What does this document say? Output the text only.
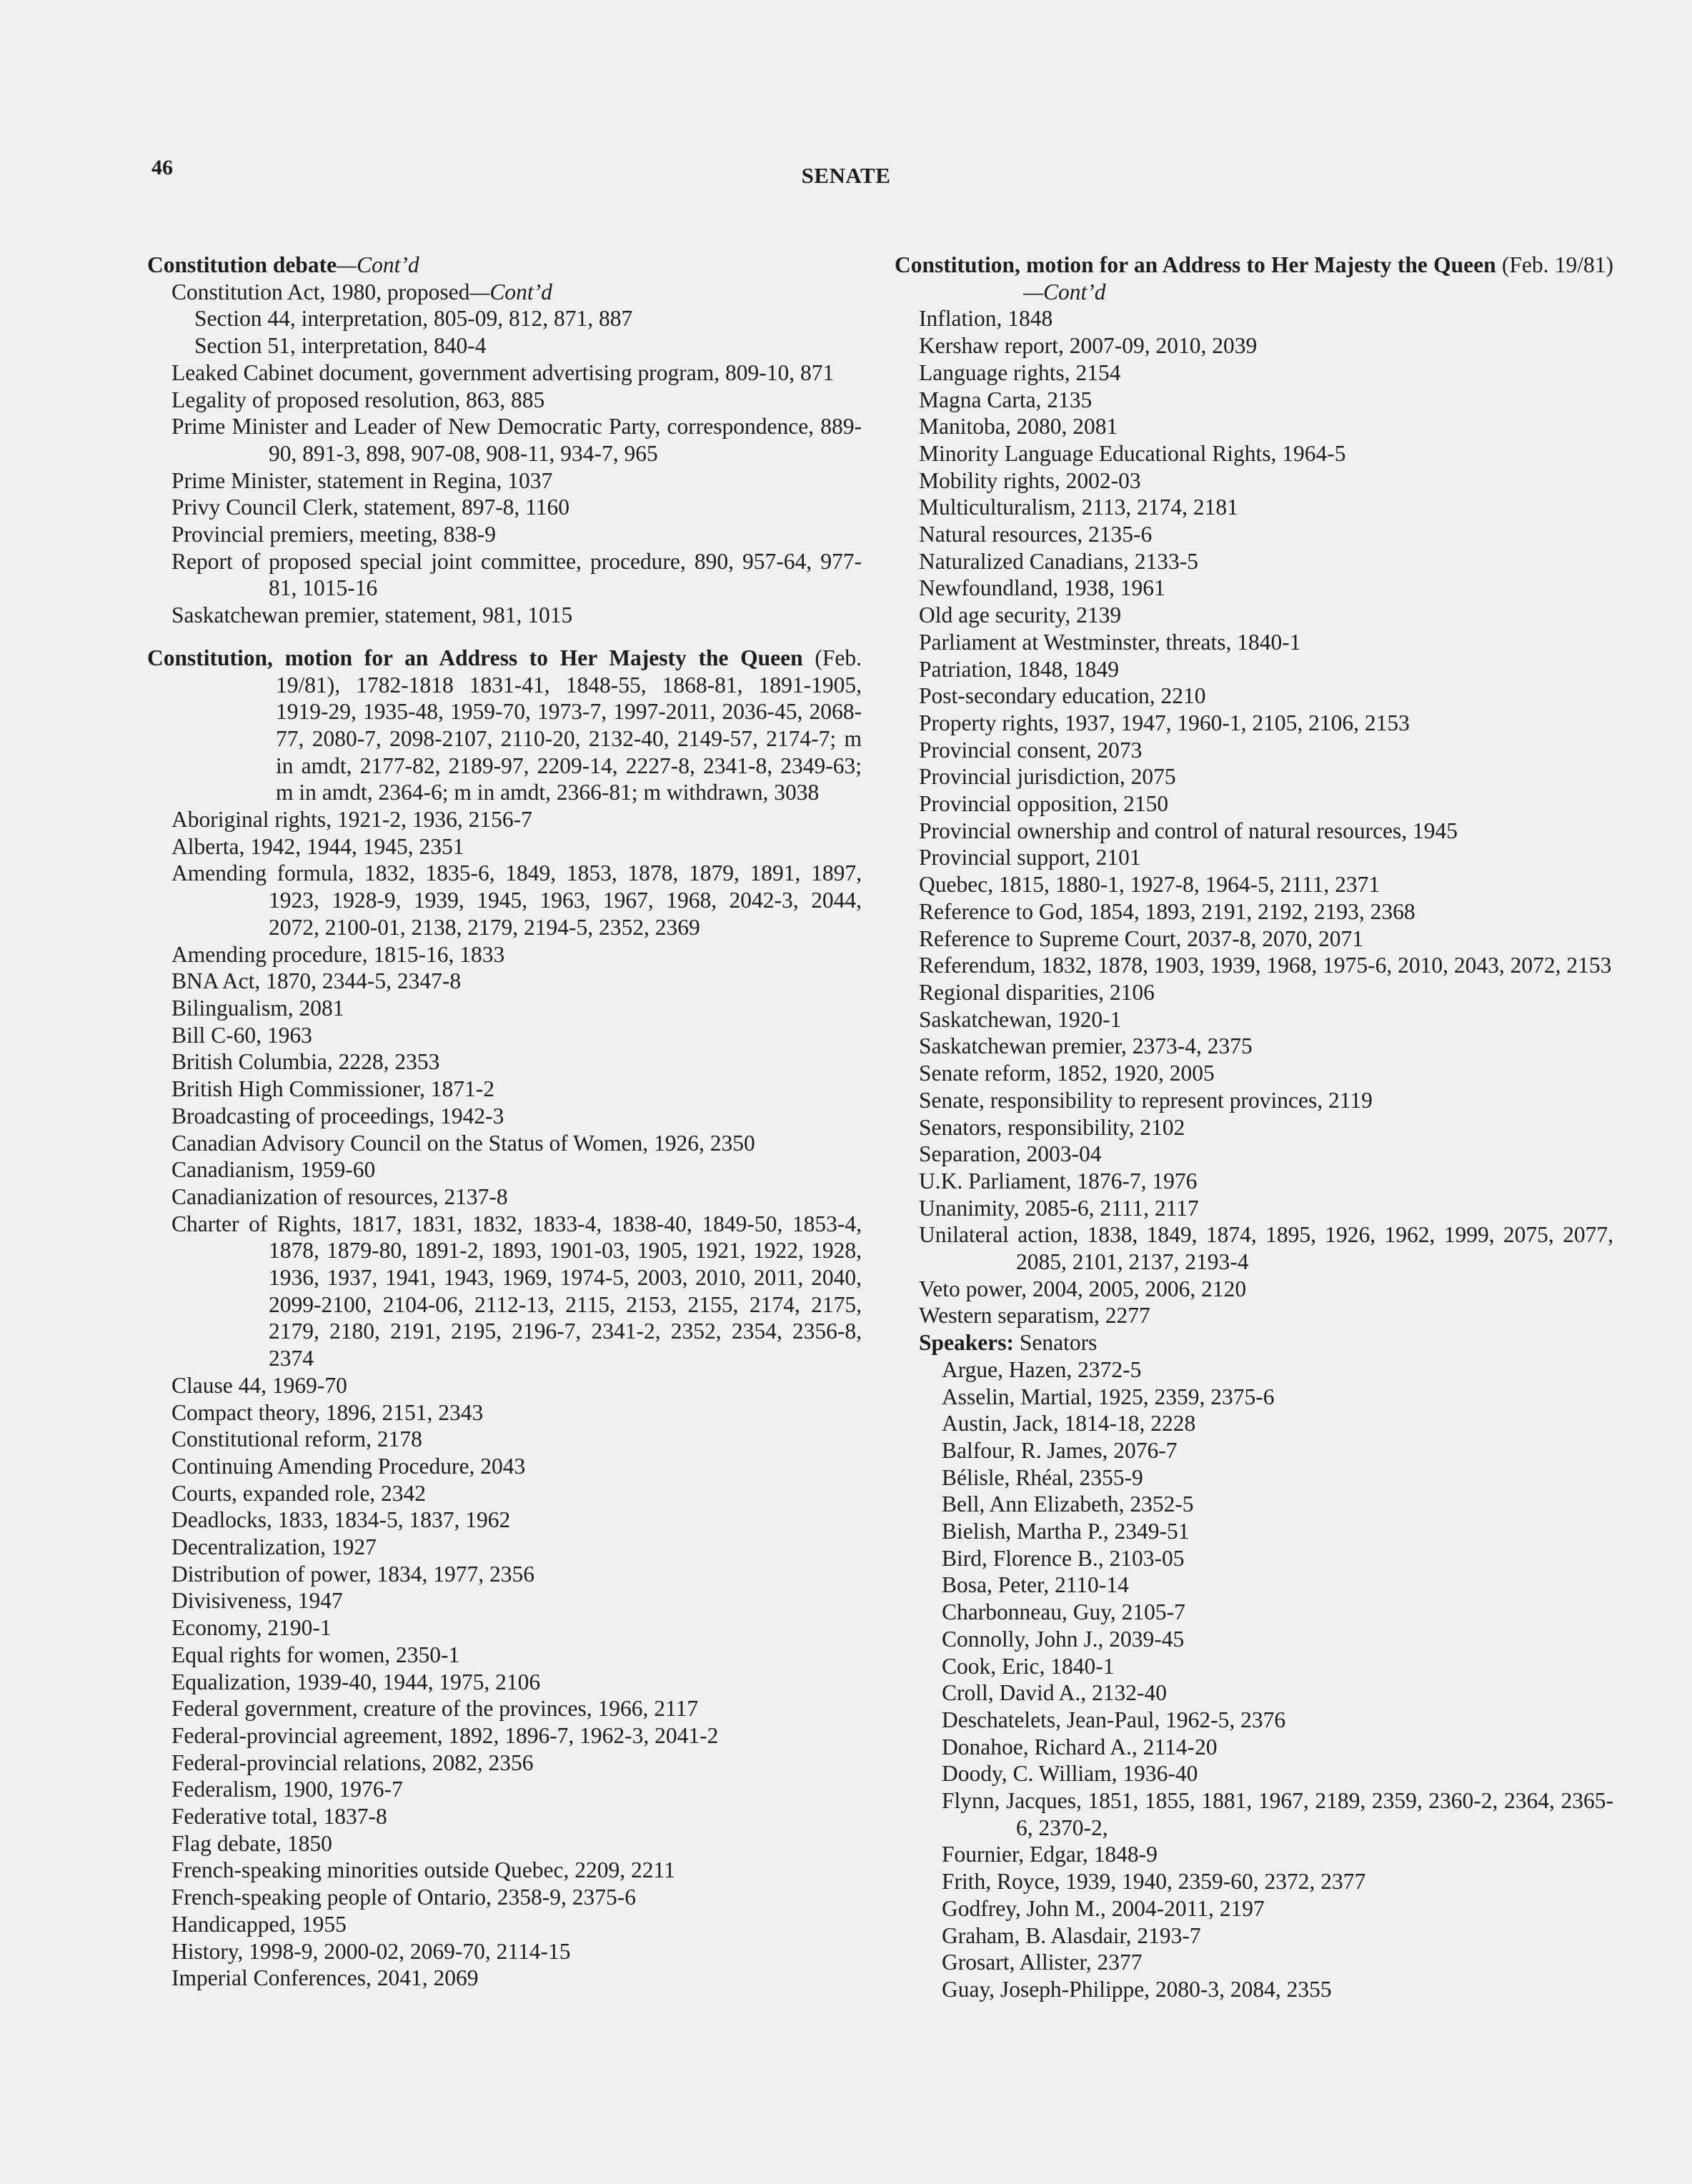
46	SENATE
Constitution debate—Cont’d
Constitution Act, 1980, proposed—Cont’d
Section 44, interpretation, 805-09, 812, 871, 887
Section 51, interpretation, 840-4
Leaked Cabinet document, government advertising program, 809-10, 871
Legality of proposed resolution, 863, 885
Prime Minister and Leader of New Democratic Party, correspondence, 889-90, 891-3, 898, 907-08, 908-11, 934-7, 965
Prime Minister, statement in Regina, 1037
Privy Council Clerk, statement, 897-8, 1160
Provincial premiers, meeting, 838-9
Report of proposed special joint committee, procedure, 890, 957-64, 977-81, 1015-16
Saskatchewan premier, statement, 981, 1015
Constitution, motion for an Address to Her Majesty the Queen (Feb. 19/81), 1782-1818 1831-41, 1848-55, 1868-81, 1891-1905, 1919-29, 1935-48, 1959-70, 1973-7, 1997-2011, 2036-45, 2068-77, 2080-7, 2098-2107, 2110-20, 2132-40, 2149-57, 2174-7; m in amdt, 2177-82, 2189-97, 2209-14, 2227-8, 2341-8, 2349-63; m in amdt, 2364-6; m in amdt, 2366-81; m withdrawn, 3038
Aboriginal rights, 1921-2, 1936, 2156-7
Alberta, 1942, 1944, 1945, 2351
Amending formula, 1832, 1835-6, 1849, 1853, 1878, 1879, 1891, 1897, 1923, 1928-9, 1939, 1945, 1963, 1967, 1968, 2042-3, 2044, 2072, 2100-01, 2138, 2179, 2194-5, 2352, 2369
Amending procedure, 1815-16, 1833
BNA Act, 1870, 2344-5, 2347-8
Bilingualism, 2081
Bill C-60, 1963
British Columbia, 2228, 2353
British High Commissioner, 1871-2
Broadcasting of proceedings, 1942-3
Canadian Advisory Council on the Status of Women, 1926, 2350
Canadianism, 1959-60
Canadianization of resources, 2137-8
Charter of Rights, 1817, 1831, 1832, 1833-4, 1838-40, 1849-50, 1853-4, 1878, 1879-80, 1891-2, 1893, 1901-03, 1905, 1921, 1922, 1928, 1936, 1937, 1941, 1943, 1969, 1974-5, 2003, 2010, 2011, 2040, 2099-2100, 2104-06, 2112-13, 2115, 2153, 2155, 2174, 2175, 2179, 2180, 2191, 2195, 2196-7, 2341-2, 2352, 2354, 2356-8, 2374
Clause 44, 1969-70
Compact theory, 1896, 2151, 2343
Constitutional reform, 2178
Continuing Amending Procedure, 2043
Courts, expanded role, 2342
Deadlocks, 1833, 1834-5, 1837, 1962
Decentralization, 1927
Distribution of power, 1834, 1977, 2356
Divisiveness, 1947
Economy, 2190-1
Equal rights for women, 2350-1
Equalization, 1939-40, 1944, 1975, 2106
Federal government, creature of the provinces, 1966, 2117
Federal-provincial agreement, 1892, 1896-7, 1962-3, 2041-2
Federal-provincial relations, 2082, 2356
Federalism, 1900, 1976-7
Federative total, 1837-8
Flag debate, 1850
French-speaking minorities outside Quebec, 2209, 2211
French-speaking people of Ontario, 2358-9, 2375-6
Handicapped, 1955
History, 1998-9, 2000-02, 2069-70, 2114-15
Imperial Conferences, 2041, 2069
Constitution, motion for an Address to Her Majesty the Queen (Feb. 19/81)—Cont’d
Inflation, 1848
Kershaw report, 2007-09, 2010, 2039
Language rights, 2154
Magna Carta, 2135
Manitoba, 2080, 2081
Minority Language Educational Rights, 1964-5
Mobility rights, 2002-03
Multiculturalism, 2113, 2174, 2181
Natural resources, 2135-6
Naturalized Canadians, 2133-5
Newfoundland, 1938, 1961
Old age security, 2139
Parliament at Westminster, threats, 1840-1
Patriation, 1848, 1849
Post-secondary education, 2210
Property rights, 1937, 1947, 1960-1, 2105, 2106, 2153
Provincial consent, 2073
Provincial jurisdiction, 2075
Provincial opposition, 2150
Provincial ownership and control of natural resources, 1945
Provincial support, 2101
Quebec, 1815, 1880-1, 1927-8, 1964-5, 2111, 2371
Reference to God, 1854, 1893, 2191, 2192, 2193, 2368
Reference to Supreme Court, 2037-8, 2070, 2071
Referendum, 1832, 1878, 1903, 1939, 1968, 1975-6, 2010, 2043, 2072, 2153
Regional disparities, 2106
Saskatchewan, 1920-1
Saskatchewan premier, 2373-4, 2375
Senate reform, 1852, 1920, 2005
Senate, responsibility to represent provinces, 2119
Senators, responsibility, 2102
Separation, 2003-04
U.K. Parliament, 1876-7, 1976
Unanimity, 2085-6, 2111, 2117
Unilateral action, 1838, 1849, 1874, 1895, 1926, 1962, 1999, 2075, 2077, 2085, 2101, 2137, 2193-4
Veto power, 2004, 2005, 2006, 2120
Western separatism, 2277
Speakers: Senators
Argue, Hazen, 2372-5
Asselin, Martial, 1925, 2359, 2375-6
Austin, Jack, 1814-18, 2228
Balfour, R. James, 2076-7
Bélisle, Rhéal, 2355-9
Bell, Ann Elizabeth, 2352-5
Bielish, Martha P., 2349-51
Bird, Florence B., 2103-05
Bosa, Peter, 2110-14
Charbonneau, Guy, 2105-7
Connolly, John J., 2039-45
Cook, Eric, 1840-1
Croll, David A., 2132-40
Deschatelets, Jean-Paul, 1962-5, 2376
Donahoe, Richard A., 2114-20
Doody, C. William, 1936-40
Flynn, Jacques, 1851, 1855, 1881, 1967, 2189, 2359, 2360-2, 2364, 2365-6, 2370-2,
Fournier, Edgar, 1848-9
Frith, Royce, 1939, 1940, 2359-60, 2372, 2377
Godfrey, John M., 2004-2011, 2197
Graham, B. Alasdair, 2193-7
Grosart, Allister, 2377
Guay, Joseph-Philippe, 2080-3, 2084, 2355
